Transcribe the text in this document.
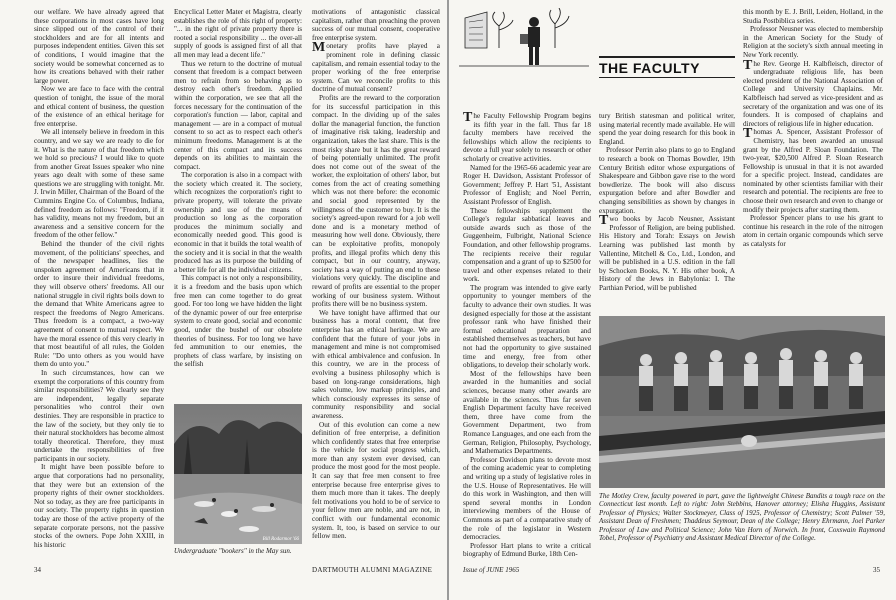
our welfare. We have already agreed that these corporations in most cases have long since slipped out of the control of their stockholders and are for all intents and purposes independent entities. Given this set of conditions, I would imagine that the society would be somewhat concerned as to how its creations behaved with their rather large power.

Now we are face to face with the central question of tonight, the issue of the moral and ethical content of business, the question of the existence of an ethical heritage for free enterprise.

We all intensely believe in freedom in this country, and we say we are ready to die for it. What is the nature of that freedom which we hold so precious? I would like to quote from another Great Issues speaker who nine years ago dealt with some of these same questions we are struggling with tonight. Mr. J. Irwin Miller, Chairman of the Board of the Cummins Engine Co. of Columbus, Indiana, defined freedom as follows: "Freedom, if it has validity, means not my freedom, but an awareness and a sensitive concern for the freedom of the other fellow."

Behind the thunder of the civil rights movement, of the politicians' speeches, and of the newspaper headlines, lies the unspoken agreement of Americans that in order to insure their individual freedoms, they will observe others' freedoms. All our national struggle in civil rights boils down to the demand that White Americans agree to respect the freedoms of Negro Americans. Thus freedom is a compact, a two-way agreement of consent to mutual respect. We have the moral essence of this very clearly in that most beautiful of all rules, the Golden Rule: "Do unto others as you would have them do unto you."

In such circumstances, how can we exempt the corporations of this country from similar responsibilities? We clearly see they are independent, legally separate personalities who control their own destinies. They are responsible in practice to the law of the society, but they only tie to their natural stockholders has become almost totally theoretical. Therefore, they must undertake the responsibilities of free participants in our society.

It might have been possible before to argue that corporations had no personality, that they were but an extension of the property rights of their owner stockholders. Not so today, as they are free participants in our society. The property rights in question today are those of the active property of the separate corporate persons, not the passive stocks of the owners. Pope John XXIII, in his historic

Encyclical Letter Mater et Magistra, clearly establishes the role of this right of property: "... in the right of private property there is rooted a social responsibility ... the over-all supply of goods is assigned first of all that all men may lead a decent life."

Thus we return to the doctrine of mutual consent that freedom is a compact between men to refrain from so behaving as to destroy each other's freedom. Applied within the corporation, we see that all the forces necessary for the continuation of the corporation's function — labor, capital and management — are in a compact of mutual consent to so act as to respect each other's minimum freedoms. Management is at the center of this compact and its success depends on its abilities to maintain the compact.

The corporation is also in a compact with the society which created it. The society, which recognizes the corporation's right to private property, will tolerate the private ownership and use of the means of production so long as the corporation produces the minimum socially and economically needed good. This good is economic in that it builds the total wealth of the society and it is social in that the wealth produced has as its purpose the building of a better life for all the individual citizens.

This compact is not only a responsibility, it is a freedom and the basis upon which free men can come together to do great good. For too long we have hidden the light of the dynamic power of our free enterprise system to create good, social and economic good, under the bushel of our obsolete theories of business. For too long we have fed ammunition to our enemies, the prophets of class warfare, by insisting on the selfish

motivations of antagonistic classical capitalism, rather than preaching the proven success of our mutual consent, cooperative free enterprise system.

Monetary profits have played a prominent role in defining classic capitalism, and remain essential today to the proper working of the free enterprise system. Can we reconcile profits to this doctrine of mutual consent?

Profits are the reward to the corporation for its successful participation in this compact. In the dividing up of the sales dollar the managerial function, the function of imaginative risk taking, leadership and organization, takes the last share. This is the most risky share but it has the great reward of being potentially unlimited. The profit does not come out of the sweat of the worker, the exploitation of others' labor, but comes from the act of creating something which was not there before: the economic and social good represented by the willingness of the customer to buy. It is the society's agreed-upon reward for a job well done and is a monetary method of measuring how well done. Obviously, there can be exploitative profits, monopoly profits, and illegal profits which deny this compact, but in our country, anyway, society has a way of putting an end to these violations very quickly. The discipline and reward of profits are essential to the proper working of our business system. Without profits there will be no business system.

We have tonight have affirmed that our business has a moral content, that free enterprise has an ethical heritage. We are confident that the future of your jobs in management and mine is not compromised with ethical ambivalence and confusion. In this country, we are in the process of evolving a business philosophy which is based on long-range considerations, high sales volume, low markup principles, and which consciously expresses its sense of community responsibility and social awareness.

Out of this evolution can come a new definition of free enterprise, a definition which confidently states that free enterprise is the vehicle for social progress which, more than any system ever devised, can produce the most good for the most people. It can say that free men consent to free enterprise because free enterprise gives to them much more than it takes. The deeply felt motivations you hold to be of service to your fellow men are noble, and are not, in conflict with our fundamental economic system. It, too, is based on service to our fellow men.

Bill Rodarmor '66
Undergraduate "bookers" in the May sun.
34	DARTMOUTH ALUMNI MAGAZINE
THE FACULTY

The Faculty Fellowship Program begins its fifth year in the fall. Thus far 18 faculty members have received the fellowships which allow the recipients to devote a full year solely to research or other scholarly or creative activities.

Named for the 1965-66 academic year are Roger H. Davidson, Assistant Professor of Government; Jeffrey P. Hart '51, Assistant Professor of English; and Noel Perrin, Assistant Professor of English.

These fellowships supplement the College's regular sabbatical leaves and outside awards such as those of the Guggenheim, Fulbright, National Science Foundation, and other fellowship programs. The recipients receive their regular compensation and a grant of up to $2500 for travel and other expenses related to their work.

The program was intended to give early opportunity to younger members of the faculty to advance their own studies. It was designed especially for those at the assistant professor rank who have finished their formal educational preparation and established themselves as teachers, but have not had the opportunity to give sustained time and energy, free from other obligations, to develop their scholarly work.

Most of the fellowships have been awarded in the humanities and social sciences, because many other awards are available in the sciences. Thus far seven English Department faculty have received them, three have come from the Government Department, two from Romance Languages, and one each from the German, Religion, Philosophy, Psychology, and Mathematics Departments.

Professor Davidson plans to devote most of the coming academic year to completing and writing up a study of legislative roles in the U.S. House of Representatives. He will do this work in Washington, and then will spend several months in London interviewing members of the House of Commons as part of a comparative study of the role of the legislator in Western democracies.

Professor Hart plans to write a critical biography of Edmund Burke, 18th Cen-

tury British statesman and political writer, using material recently made available. He will spend the year doing research for this book in England.

Professor Perrin also plans to go to England to research a book on Thomas Bowdler, 19th Century British editor whose expurgations of Shakespeare and Gibbon gave rise to the word bowdlerize. The book will also discuss expurgation before and after Bowdler and changing sensibilities as shown by changes in expurgation.

Two books by Jacob Neusner, Assistant Professor of Religion, are being published. His History and Torah: Essays on Jewish Learning was published last month by Vallentine, Mitchell & Co., Ltd., London, and will be published in a U.S. edition in the fall by Schocken Books, N. Y. His other book, A History of the Jews in Babylonia: I. The Parthian Period, will be published

this month by E. J. Brill, Leiden, Holland, in the Studia Postbiblica series.

Professor Neusner was elected to membership in the American Society for the Study of Religion at the society's sixth annual meeting in New York recently.

The Rev. George H. Kalbfleisch, director of undergraduate religious life, has been elected president of the National Association of College and University Chaplains. Mr. Kalbfleisch had served as vice-president and as secretary of the organization and was one of its founders. It is composed of chaplains and directors of religious life in higher education.

Thomas A. Spencer, Assistant Professor of Chemistry, has been awarded an unusual grant by the Alfred P. Sloan Foundation. The two-year, $20,500 Alfred P. Sloan Research Fellowship is unusual in that it is not awarded for a specific project. Instead, candidates are nominated by other scientists familiar with their research and potential. The recipients are free to choose their own research and even to change or modify their projects after starting them.

Professor Spencer plans to use his grant to continue his research in the role of the nitrogen atom in certain organic compounds which serve as catalysts for

The Motley Crew, faculty powered in part, gave the lightweight Chinese Bandits a tough race on the Connecticut last month. Left to right: John Stebbins, Hanover attorney; Elisha Huggins, Assistant Professor of Physics; Walter Stockmeyer, Class of 1925, Professor of Chemistry; Scott Palmer '59, Assistant Dean of Freshmen; Thaddeus Seymour, Dean of the College; Henry Ehrmann, Joel Parker Professor of Law and Political Science; John Van Horn of Norwich. In front, Coxswain Raymond Tobel, Professor of Psychiatry and Assistant Medical Director of the College.
Issue of JUNE 1965	35
